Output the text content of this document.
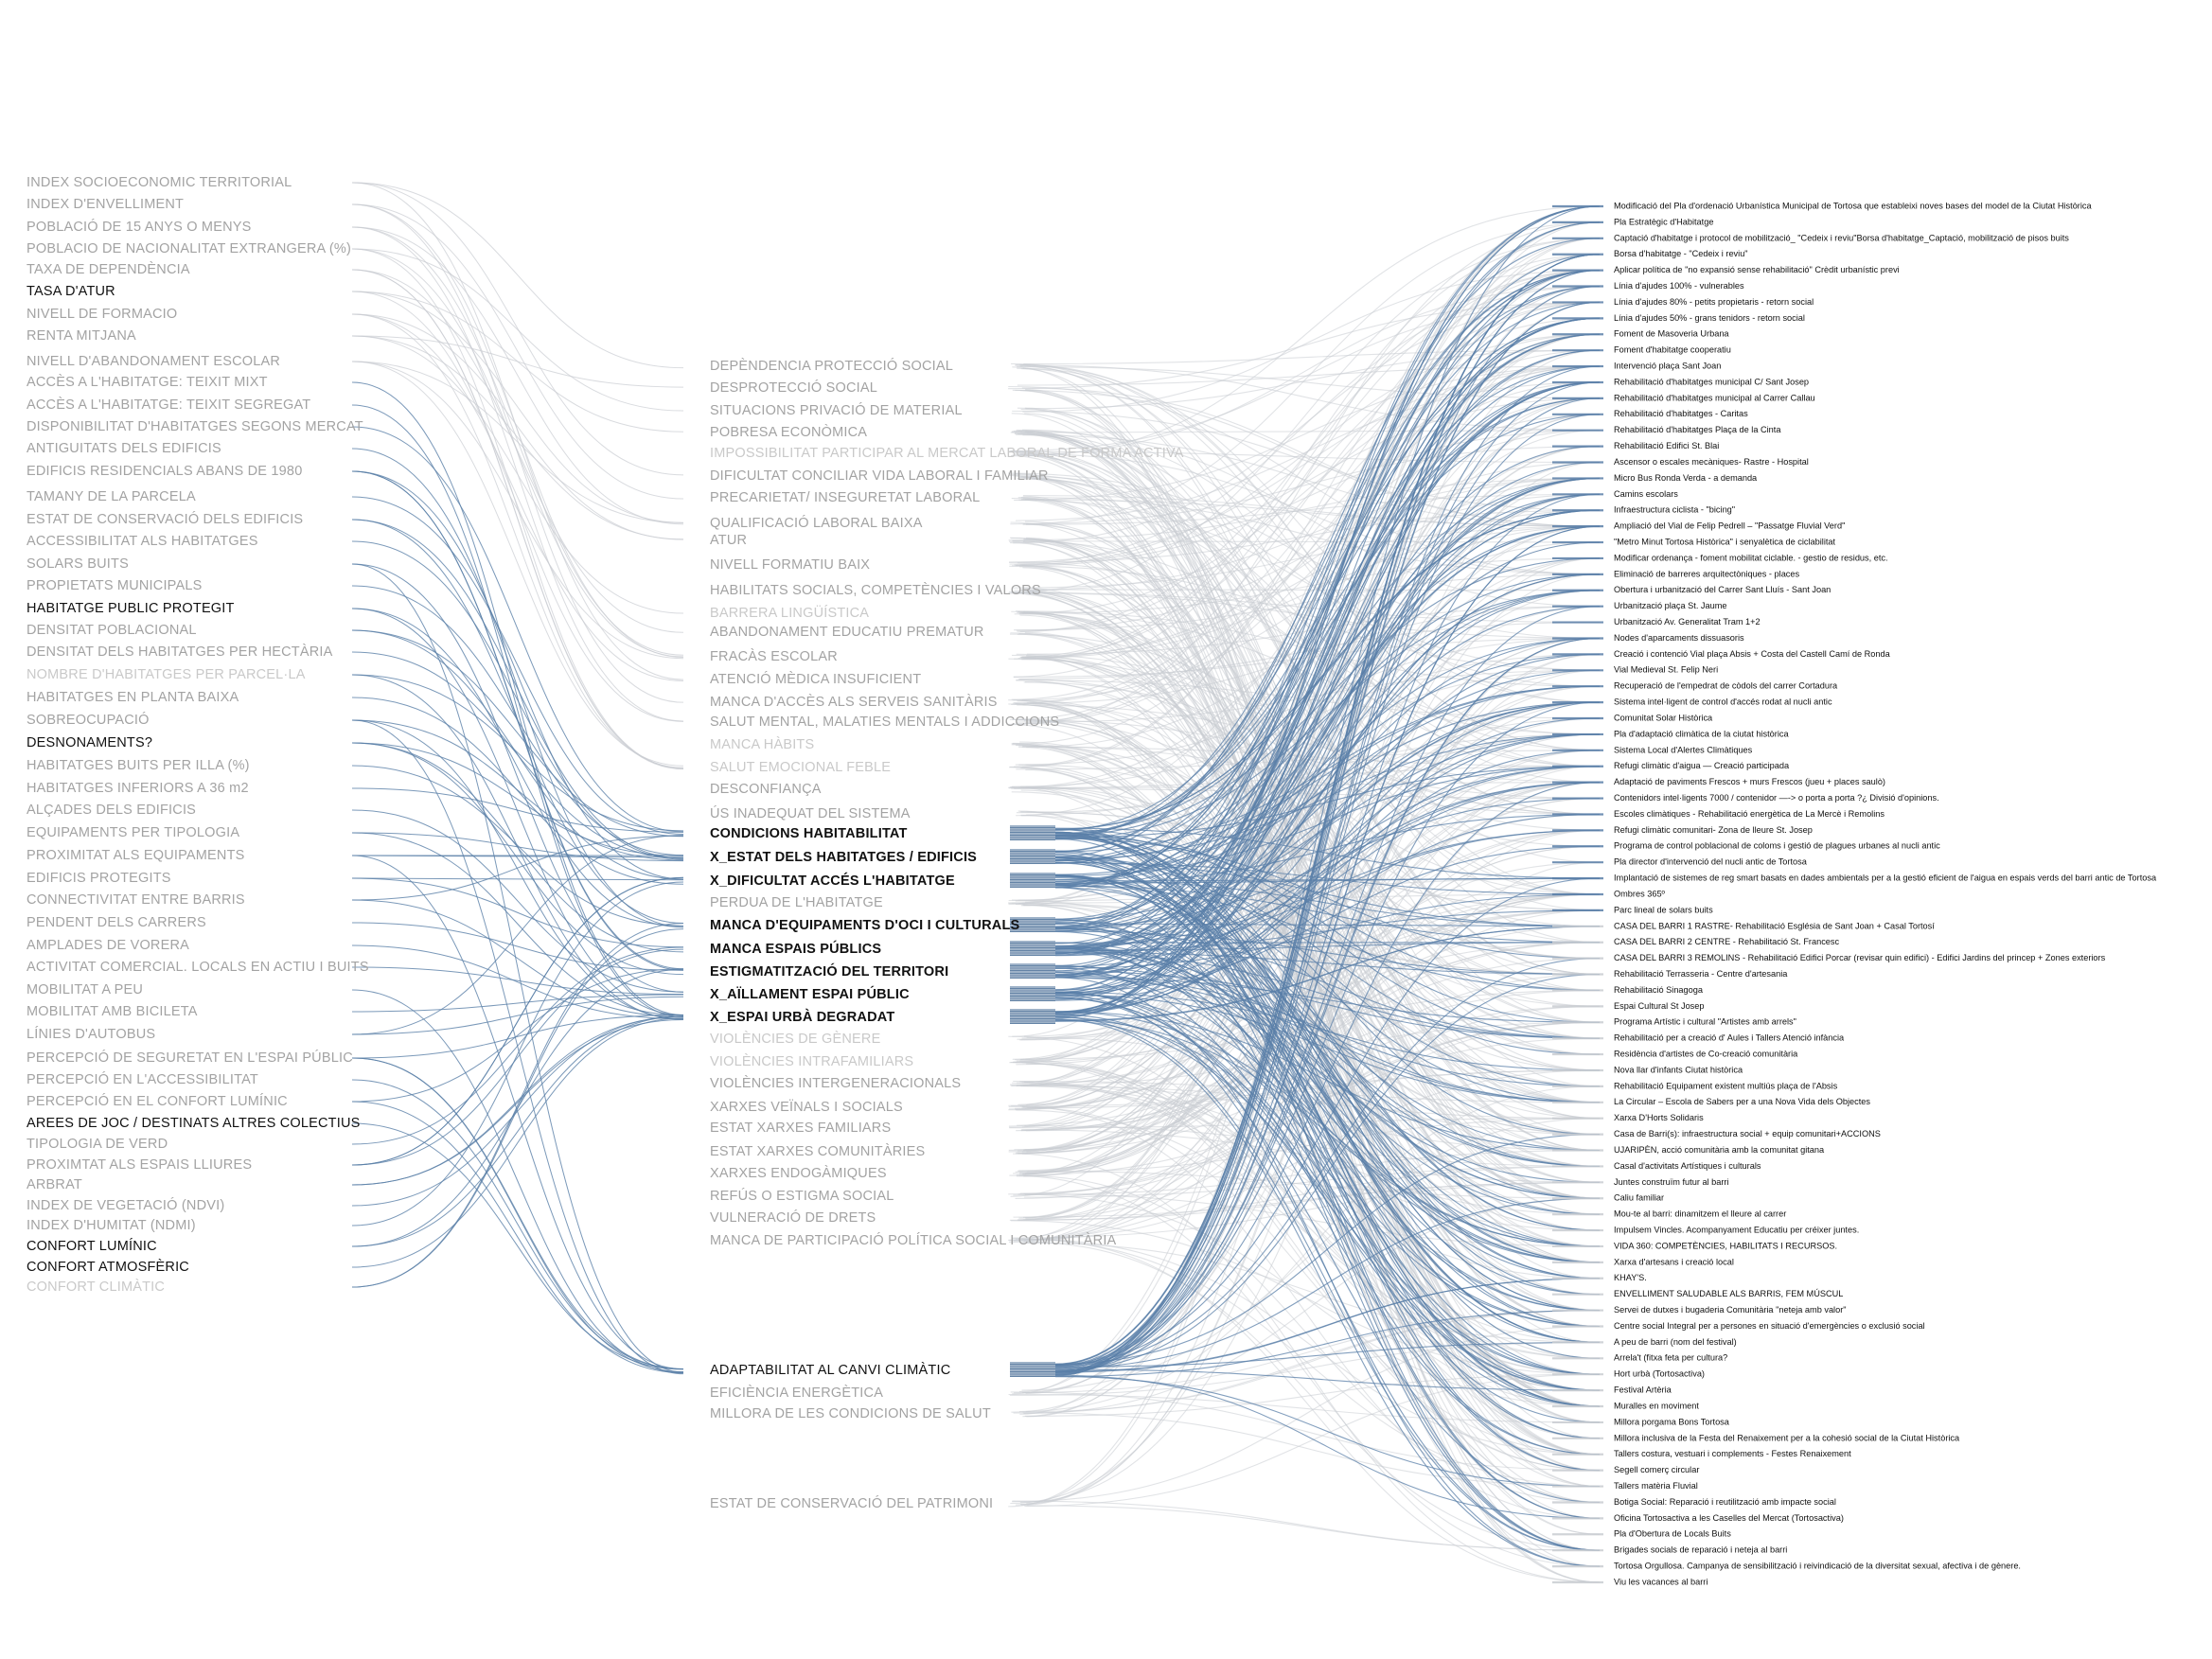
INDEX SOCIOECONOMIC TERRITORIAL
INDEX D'ENVELLIMENT
POBLACIÓ DE 15 ANYS O MENYS
POBLACIO DE NACIONALITAT EXTRANGERA (%)
TAXA DE DEPENDÈNCIA
TASA D'ATUR
NIVELL DE FORMACIO
RENTA MITJANA
NIVELL D'ABANDONAMENT ESCOLAR
ACCÈS A L'HABITATGE: TEIXIT MIXT
ACCÈS A L'HABITATGE: TEIXIT SEGREGAT
DISPONIBILITAT D'HABITATGES SEGONS MERCAT
ANTIGUITATS DELS EDIFICIS
EDIFICIS RESIDENCIALS ABANS DE 1980
TAMANY DE LA PARCELA
ESTAT DE CONSERVACIÓ DELS EDIFICIS
ACCESSIBILITAT ALS HABITATGES
SOLARS BUITS
PROPIETATS MUNICIPALS
HABITATGE PUBLIC PROTEGIT
DENSITAT POBLACIONAL
DENSITAT DELS HABITATGES PER HECTÀRIA
NOMBRE D'HABITATGES PER PARCEL·LA
HABITATGES EN PLANTA BAIXA
SOBREOCUPACIÓ
DESNONAMENTS?
HABITATGES BUITS PER ILLA (%)
HABITATGES INFERIORS A 36 m2
ALÇADES DELS EDIFICIS
EQUIPAMENTS PER TIPOLOGIA
PROXIMITAT ALS EQUIPAMENTS
EDIFICIS PROTEGITS
CONNECTIVITAT ENTRE BARRIS
PENDENT DELS CARRERS
AMPLADES DE VORERA
ACTIVITAT COMERCIAL. LOCALS EN ACTIU I BUITS
MOBILITAT A PEU
MOBILITAT AMB BICILETA
LÍNIES D'AUTOBUS
PERCEPCIÓ DE SEGURETAT EN L'ESPAI PÚBLIC
PERCEPCIÓ EN L'ACCESSIBILITAT
PERCEPCIÓ EN EL CONFORT LUMÍNIC
AREES DE JOC / DESTINATS ALTRES COLECTIUS
TIPOLOGIA DE VERD
PROXIMTAT ALS ESPAIS LLIURES
ARBRAT
INDEX DE VEGETACIÓ (NDVI)
INDEX D'HUMITAT (NDMI)
CONFORT LUMÍNIC
CONFORT ATMOSFÈRIC
CONFORT CLIMÀTIC
DEPÈNDENCIA PROTECCIÓ SOCIAL
DESPROTECCIÓ SOCIAL
SITUACIONS PRIVACIÓ DE MATERIAL
POBRESA ECONÒMICA
IMPOSSIBILITAT PARTICIPAR AL MERCAT LABORAL DE FORMA ACTIVA
DIFICULTAT CONCILIAR VIDA LABORAL I FAMILIAR
PRECARIETAT/ INSEGURETAT LABORAL
QUALIFICACIÓ LABORAL BAIXA
ATUR
NIVELL FORMATIU BAIX
HABILITATS SOCIALS, COMPETÈNCIES I VALORS
BARRERA LINGÜÍSTICA
ABANDONAMENT EDUCATIU PREMATUR
FRACÀS ESCOLAR
ATENCIÓ MÈDICA INSUFICIENT
MANCA D'ACCÈS ALS SERVEIS SANITÀRIS
SALUT MENTAL, MALATIES MENTALS I ADDICCIONS
MANCA HÀBITS
SALUT EMOCIONAL FEBLE
DESCONFIANÇA
ÚS INADEQUAT DEL SISTEMA
CONDICIONS HABITABILITAT
X_ESTAT DELS HABITATGES / EDIFICIS
X_DIFICULTAT ACCÉS L'HABITATGE
PERDUA DE L'HABITATGE
MANCA D'EQUIPAMENTS D'OCI I CULTURALS
MANCA ESPAIS PÚBLICS
ESTIGMATITZACIÓ DEL TERRITORI
X_AÏLLAMENT ESPAI PÚBLIC
X_ESPAI URBÀ DEGRADAT
VIOLÈNCIES DE GÈNERE
VIOLÈNCIES INTRAFAMILIARS
VIOLÈNCIES INTERGENERACIONALS
XARXES VEÏNALS I SOCIALS
ESTAT XARXES FAMILIARS
ESTAT XARXES COMUNITÀRIES
XARXES ENDOGÀMIQUES
REFÚS O ESTIGMA SOCIAL
VULNERACIÓ DE DRETS
MANCA DE PARTICIPACIÓ POLÍTICA SOCIAL I COMUNITÀRIA
ADAPTABILITAT AL CANVI CLIMÀTIC
EFICIÈNCIA ENERGÈTICA
MILLORA DE LES CONDICIONS DE SALUT
ESTAT DE CONSERVACIÓ DEL PATRIMONI
Modificació del Pla d'ordenació Urbanística Municipal de Tortosa que estableixi noves bases del model de la Ciutat Històrica
Pla Estratègic d'Habitatge
Captació d'habitatge i protocol de mobilització_ "Cedeix i reviu"Borsa d'habitatge_Captació, mobilització de pisos buits
Borsa d'habitatge - "Cedeix i reviu"
Aplicar política de "no expansió sense rehabilitació" Crèdit urbanístic previ
Línia d'ajudes 100% - vulnerables
Línia d'ajudes 80% - petits propietaris - retorn social
Línia d'ajudes 50% - grans tenidors - retorn social
Foment de Masoveria Urbana
Foment d'habitatge cooperatiu
Intervenció plaça Sant Joan
Rehabilitació d'habitatges municipal C/ Sant Josep
Rehabilitació d'habitatges municipal al Carrer Callau
Rehabilitació d'habitatges - Caritas
Rehabilitació d'habitatges Plaça de la Cinta
Rehabilitació Edifici St. Blai
Ascensor o escales mecàniques- Rastre - Hospital
Micro Bus Ronda Verda - a demanda
Camins escolars
Infraestructura ciclista - "bicing"
Ampliació del Vial de Felip Pedrell – "Passatge Fluvial Verd"
"Metro Minut Tortosa Històrica" i senyalètica de ciclabilitat
Modificar ordenança - foment mobilitat ciclable. - gestio de residus, etc.
Eliminació de barreres arquitectòniques - places
Obertura i urbanització del Carrer Sant Lluís - Sant Joan
Urbanització plaça St. Jaume
Urbanització Av. Generalitat Tram 1+2
Nodes d'aparcaments dissuasoris
Creació i contenció Vial plaça Absis + Costa del Castell Camí de Ronda
Vial Medieval St. Felip Neri
Recuperació de l'empedrat de còdols del carrer Cortadura
Sistema intel·ligent de control d'accés rodat al nucli antic
Comunitat Solar Històrica
Pla d'adaptació climàtica de la ciutat històrica
Sistema Local d'Alertes Climàtiques
Refugi climàtic d'aigua — Creació participada
Adaptació de paviments Frescos + murs Frescos (jueu + places saulò)
Contenidors intel·ligents 7000 / contenidor —-> o porta a porta ?¿ Divisió d'opinions.
Escoles climàtiques - Rehabilitació energètica de La Mercè i Remolins
Refugi climàtic comunitari- Zona de lleure St. Josep
Programa de control poblacional de coloms i gestió de plagues urbanes al nucli antic
Pla director d'intervenció del nucli antic de Tortosa
Implantació de sistemes de reg smart basats en dades ambientals per a la gestió eficient de l'aigua en espais verds del barri antic de Tortosa
Ombres 365º
Parc lineal de solars buits
CASA DEL BARRI 1 RASTRE- Rehabilitació Església de Sant Joan + Casal Tortosí
CASA DEL BARRI 2 CENTRE - Rehabilitació St. Francesc
CASA DEL BARRI 3 REMOLINS - Rehabilitació Edifici Porcar (revisar quin edifici) - Edifici Jardins del princep + Zones exteriors
Rehabilitació Terrasseria - Centre d'artesania
Rehabilitació Sinagoga
Espai Cultural St Josep
Programa Artístic i cultural "Artistes amb arrels"
Rehabilitació per a creació d' Aules i Tallers Atenció infància
Residència d'artistes de Co-creació comunitària
Nova llar d'infants Ciutat històrica
Rehabilitació Equipament existent multiús plaça de l'Absis
La Circular – Escola de Sabers per a una Nova Vida dels Objectes
Xarxa D'Horts Solidaris
Casa de Barri(s): infraestructura social + equip comunitari+ACCIONS
UJARIPÈN, acció comunitària amb la comunitat gitana
Casal d'activitats Artístiques i culturals
Juntes construïm futur al barri
Caliu familiar
Mou-te al barri: dinamitzem el lleure al carrer
Impulsem Vincles. Acompanyament Educatiu per créixer juntes.
VIDA 360: COMPETÈNCIES, HABILITATS I RECURSOS.
Xarxa d'artesans i creació local
KHAY'S.
ENVELLIMENT SALUDABLE ALS BARRIS, FEM MÚSCUL
Servei de dutxes i bugaderia Comunitària "neteja amb valor"
Centre social Integral per a persones en situació d'emergències o exclusió social
A peu de barri (nom del festival)
Arrela't (fitxa feta per cultura?
Hort urbà (Tortosactiva)
Festival Artèria
Muralles en moviment
Millora porgama Bons Tortosa
Millora inclusiva de la Festa del Renaixement per a la cohesió social de la Ciutat Històrica
Tallers costura, vestuari i complements - Festes Renaixement
Segell comerç circular
Tallers matèria Fluvial
Botiga Social: Reparació i reutilització amb impacte social
Oficina Tortosactiva a les Caselles del Mercat (Tortosactiva)
Pla d'Obertura de Locals Buits
Brigades socials de reparació i neteja al barri
Tortosa Orgullosa. Campanya de sensibilització i reivindicació de la diversitat sexual, afectiva i de gènere.
Viu les vacances al barri
